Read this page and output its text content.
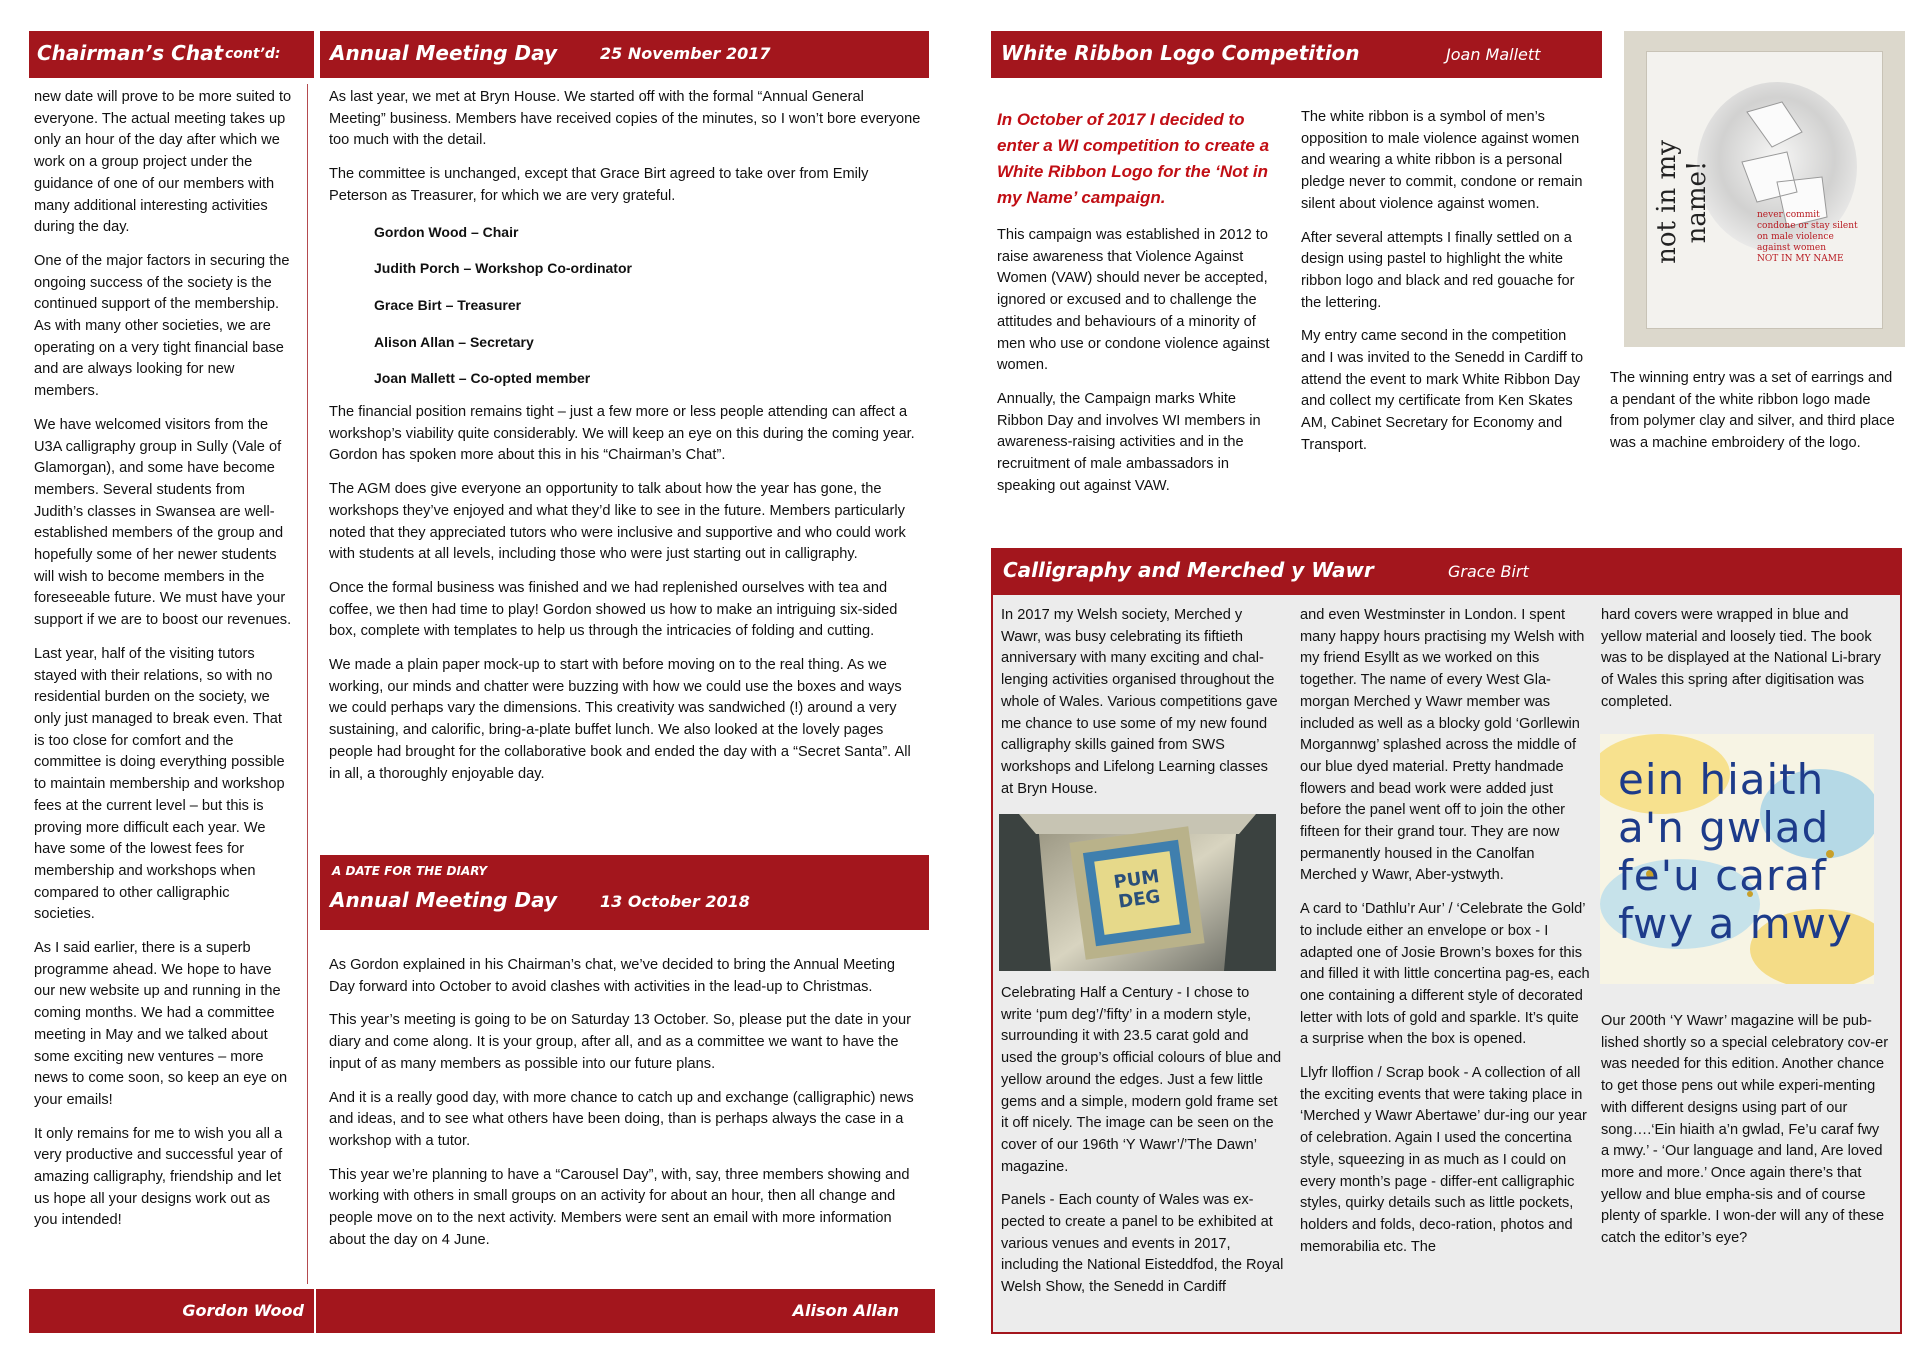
Chairman’s Chat cont’d:

new date will prove to be more suited to everyone. The actual meeting takes up only an hour of the day after which we work on a group project under the guidance of one of our members with many additional interesting activities during the day.

One of the major factors in securing the ongoing success of the society is the continued support of the membership. As with many other societies, we are operating on a very tight financial base and are always looking for new members.

We have welcomed visitors from the U3A calligraphy group in Sully (Vale of Glamorgan), and some have become members. Several students from Judith’s classes in Swansea are well-established members of the group and hopefully some of her newer students will wish to become members in the foreseeable future. We must have your support if we are to boost our revenues.

Last year, half of the visiting tutors stayed with their relations, so with no residential burden on the society, we only just managed to break even. That is too close for comfort and the committee is doing everything possible to maintain membership and workshop fees at the current level – but this is proving more difficult each year. We have some of the lowest fees for membership and workshops when compared to other calligraphic societies.

As I said earlier, there is a superb programme ahead. We hope to have our new website up and running in the coming months. We had a committee meeting in May and we talked about some exciting new ventures – more news to come soon, so keep an eye on your emails!

It only remains for me to wish you all a very productive and successful year of amazing calligraphy, friendship and let us hope all your designs work out as you intended!

Gordon Wood
Annual Meeting Day	25 November 2017

As last year, we met at Bryn House. We started off with the formal “Annual General Meeting” business. Members have received copies of the minutes, so I won’t bore everyone too much with the detail.

The committee is unchanged, except that Grace Birt agreed to take over from Emily Peterson as Treasurer, for which we are very grateful.

Gordon Wood – Chair
Judith Porch – Workshop Co-ordinator
Grace Birt – Treasurer
Alison Allan – Secretary
Joan Mallett – Co-opted member

The financial position remains tight – just a few more or less people attending can affect a workshop’s viability quite considerably. We will keep an eye on this during the coming year. Gordon has spoken more about this in his “Chairman’s Chat”.

The AGM does give everyone an opportunity to talk about how the year has gone, the workshops they’ve enjoyed and what they’d like to see in the future. Members particularly noted that they appreciated tutors who were inclusive and supportive and who could work with students at all levels, including those who were just starting out in calligraphy.

Once the formal business was finished and we had replenished ourselves with tea and coffee, we then had time to play! Gordon showed us how to make an intriguing six-sided box, complete with templates to help us through the intricacies of folding and cutting.

We made a plain paper mock-up to start with before moving on to the real thing. As we working, our minds and chatter were buzzing with how we could use the boxes and ways we could perhaps vary the dimensions. This creativity was sandwiched (!) around a very sustaining, and calorific, bring-a-plate buffet lunch. We also looked at the lovely pages people had brought for the collaborative book and ended the day with a “Secret Santa”. All in all, a thoroughly enjoyable day.

A DATE FOR THE DIARY
Annual Meeting Day	13 October 2018

As Gordon explained in his Chairman’s chat, we’ve decided to bring the Annual Meeting Day forward into October to avoid clashes with activities in the lead-up to Christmas.

This year’s meeting is going to be on Saturday 13 October. So, please put the date in your diary and come along. It is your group, after all, and as a committee we want to have the input of as many members as possible into our future plans.

And it is a really good day, with more chance to catch up and exchange (calligraphic) news and ideas, and to see what others have been doing, than is perhaps always the case in a workshop with a tutor.

This year we’re planning to have a “Carousel Day”, with, say, three members showing and working with others in small groups on an activity for about an hour, then all change and people move on to the next activity. Members were sent an email with more information about the day on 4 June.

Alison Allan
White Ribbon Logo Competition	Joan Mallett
In October of 2017 I decided to enter a WI competition to create a White Ribbon Logo for the ‘Not in my Name’ campaign.

This campaign was established in 2012 to raise awareness that Violence Against Women (VAW) should never be accepted, ignored or excused and to challenge the attitudes and behaviours of a minority of men who use or condone violence against women.

Annually, the Campaign marks White Ribbon Day and involves WI members in awareness-raising activities and in the recruitment of male ambassadors in speaking out against VAW.

The white ribbon is a symbol of men’s opposition to male violence against women and wearing a white ribbon is a personal pledge never to commit, condone or remain silent about violence against women.

After several attempts I finally settled on a design using pastel to highlight the white ribbon logo and black and red gouache for the lettering.

My entry came second in the competition and I was invited to the Senedd in Cardiff to attend the event to mark White Ribbon Day and collect my certificate from Ken Skates AM, Cabinet Secretary for Economy and Transport.

never commit
condone or stay silent
on male violence
against women
NOT IN MY NAME
not in my name!
The winning entry was a set of earrings and a pendant of the white ribbon logo made from polymer clay and silver, and third place was a machine embroidery of the logo.
Calligraphy and Merched y Wawr	Grace Birt
In 2017 my Welsh society, Merched y Wawr, was busy celebrating its fiftieth anniversary with many exciting and chal-lenging activities organised throughout the whole of Wales. Various competitions gave me chance to use some of my new found calligraphy skills gained from SWS workshops and Lifelong Learning classes at Bryn House.
PUM DEG

Celebrating Half a Century - I chose to write ‘pum deg’/’fifty’ in a modern style, surrounding it with 23.5 carat gold and used the group’s official colours of blue and yellow around the edges. Just a few little gems and a simple, modern gold frame set it off nicely. The image can be seen on the cover of our 196th ‘Y Wawr’/’The Dawn’ magazine.

Panels - Each county of Wales was ex-pected to create a panel to be exhibited at various venues and events in 2017, including the National Eisteddfod, the Royal Welsh Show, the Senedd in Cardiff

and even Westminster in London. I spent many happy hours practising my Welsh with my friend Esyllt as we worked on this together. The name of every West Gla-morgan Merched y Wawr member was included as well as a blocky gold ‘Gorllewin Morgannwg’ splashed across the middle of our blue dyed material. Pretty handmade flowers and bead work were added just before the panel went off to join the other fifteen for their grand tour. They are now permanently housed in the Canolfan Merched y Wawr, Aber-ystwyth.

A card to ‘Dathlu’r Aur’ / ‘Celebrate the Gold’ to include either an envelope or box - I adapted one of Josie Brown’s boxes for this and filled it with little concertina pag-es, each one containing a different style of decorated letter with lots of gold and sparkle. It’s quite a surprise when the box is opened.

Llyfr lloffion / Scrap book - A collection of all the exciting events that were taking place in ‘Merched y Wawr Abertawe’ dur-ing our year of celebration. Again I used the concertina style, squeezing in as much as I could on every month’s page - differ-ent calligraphic styles, quirky details such as little pockets, holders and folds, deco-ration, photos and memorabilia etc. The

hard covers were wrapped in blue and yellow material and loosely tied. The book was to be displayed at the National Li-brary of Wales this spring after digitisation was completed.
ein hiaith
a'n gwlad
fe'u caraf
fwy a mwy
Our 200th ‘Y Wawr’ magazine will be pub-lished shortly so a special celebratory cov-er was needed for this edition. Another chance to get those pens out while experi-menting with different designs using part of our song….‘Ein hiaith a’n gwlad, Fe’u caraf fwy a mwy.’ - ‘Our language and land, Are loved more and more.’ Once again there’s that yellow and blue empha-sis and of course plenty of sparkle. I won-der will any of these catch the editor’s eye?
